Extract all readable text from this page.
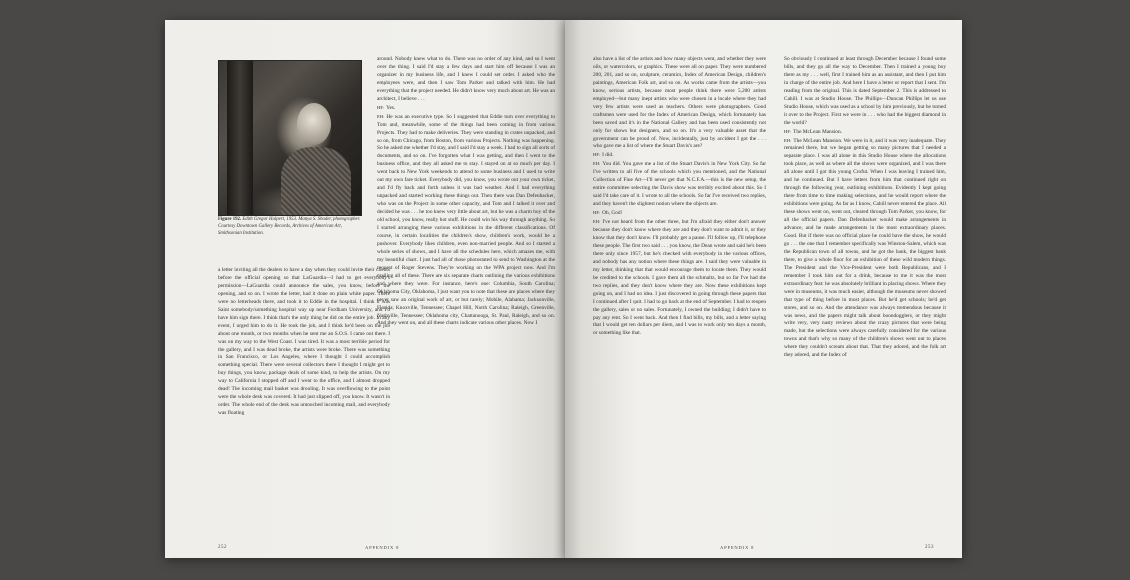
Figure 192. Edith Gregor Halpert, 1953. Manya S. Shoder, photographer. Courtesy Downtown Gallery Records, Archives of American Art, Smithsonian Institution.

a letter inviting all the dealers to have a day when they could invite their clients before the official opening so that LaGuardia—I had to get everybody's permission—LaGuardia could announce the sales, you know, before the opening, and so on. I wrote the letter, had it done on plain white paper. There were no letterheads there, and took it to Eddie in the hospital. I think it was Saint somebody/something hospital way up near Fordham University, and I'd have him sign there. I think that's the only thing he did on the entire job. In any event, I urged him to do it. He took the job, and I think he'd been on the job about one month, or two months when he sent me an S.O.S. I came out there. I was on my way to the West Coast. I was tired. It was a most terrible period for the gallery, and I was dead broke, the artists were broke. There was something in San Francisco, or Los Angeles, where I thought I could accomplish something special. There were several collectors there I thought I might get to buy things, you know, package deals of some kind, to help the artists. On my way to California I stopped off and I went to the office, and I almost dropped dead! The incoming mail basket was drooling. It was overflowing to the point were the whole desk was covered. It had just slipped off, you know. It wasn't in order. The whole end of the desk was untouched incoming mail, and everybody was floating

around. Nobody knew what to do. There was no order of any kind, and so I went over the thing. I said I'd stay a few days and start him off because I was an organizer in my business life, and I knew I could set order. I asked who the employees were, and then I saw Tom Parker and talked with him. He had everything that the project needed. He didn't know very much about art. He was an architect, I believe . . .

HF: Yes.

EH: He was an executive type. So I suggested that Eddie turn over everything to Tom and, meanwhile, some of the things had been coming in from various Projects. They had to make deliveries. They were standing in crates unpacked, and so on, from Chicago, from Boston, from various Projects. Nothing was happening. So he asked me whether I'd stay, and I said I'd stay a week. I had to sign all sorts of documents, and so on. I've forgotten what I was getting, and then I went to the business office, and they all asked me to stay. I stayed on at so much per day. I went back to New York weekends to attend to some business and I used to write out my own fare ticket. Everybody did, you know, you wrote out your own ticket, and I'd fly back and forth unless it was bad weather. And I had everything unpacked and started working these things out. Then there was Dan Defenbacker, who was on the Project in some other capacity, and Tom and I talked it over and decided he was . . . he too knew very little about art, but he was a charm boy of the old school, you know, really hot stuff. He could win his way through anything. So I started arranging these various exhibitions in the different classifications. Of course, in certain localities the children's show, children's work, would be a pushover. Everybody likes children, even non-married people. And so I started a whole series of shows, and I have all the schedules here, which amazes me, with my beautiful chart. I just had all of those photostated to send to Washington at the request of Roger Stevens. They're working on the WPA project now. And I'm mailing all of these. There are six separate charts outlining the various exhibitions and where they were. For instance, here's one: Columbia, South Carolina; Oklahoma City, Oklahoma, I just want you to note that these are places where they never saw an original work of art, or but rarely; Mobile, Alabama; Jacksonville, Florida; Knoxville, Tennessee; Chapel Hill, North Carolina; Raleigh, Greenville, Nashville, Tennessee; Oklahoma city, Chattanooga, St. Paul, Raleigh, and so on. And they went on, and all these charts indicate various other places. Now I

252	APPENDIX 8

also have a list of the artists and how many objects went, and whether they were oils, or watercolors, or graphics. These were all on paper. They were numbered 200, 201, and so on, sculpture, ceramics, Index of American Design, children's paintings, American Folk art, and so on. As works came from the artists—you know, serious artists, because most people think there were 5,200 artists employed—but many inept artists who were chosen in a locale where they had very few artists were used as teachers. Others were photographers. Good craftsmen were used for the Index of American Design, which fortunately has been saved and it's in the National Gallery and has been used consistently not only for shows but designers, and so on. It's a very valuable asset that the government can be proud of. Now, incidentally, just by accident I got the . . . who gave me a list of where the Stuart Davis's are?

HF: I did.

EH: You did. You gave me a list of the Stuart Davis's in New York City. So far I've written to all five of the schools which you mentioned, and the National Collection of Fine Art—I'll never get that N.C.F.A.—this is the new setup, the entire committee selecting the Davis show was terribly excited about this. So I said I'd take care of it. I wrote to all the schools. So far I've received two replies, and they haven't the slightest notion where the objects are.

HF: Oh, God!

EH: I've not heard from the other three, but I'm afraid they either don't answer because they don't know where they are and they don't want to admit it, or they know that they don't know. I'll probably get a pause. I'll follow up, I'll telephone these people. The first two said . . . you know, the Dean wrote and said he's been there only since 1957, but he's checked with everybody in the various offices, and nobody has any notion where these things are. I said they were valuable in my letter, thinking that that would encourage them to locate them. They would be credited to the schools. I gave them all the schmaltz, but so far I've had the two replies, and they don't know where they are. Now these exhibitions kept going on, and I had no idea. I just discovered in going through these papers that I continued after I quit. I had to go back at the end of September. I had to reopen the gallery, sales or no sales. Fortunately, I owned the building; I didn't have to pay any rent. So I went back. And then I find bills, my bills, and a letter saying that I would get ten dollars per diem, and I was to work only ten days a month, or something like that.

So obviously I continued at least through December because I found some bills, and they go all the way to December. Then I trained a young boy there as my . . . well, first I trained him as an assistant, and then I put him in charge of the entire job. And here I have a letter or report that I sent. I'm reading from the original. This is dated September 2. This is addressed to Cahill. I was at Studio House. The Phillips—Duncan Phillips let us use Studio House, which was used as a school by him previously, but he turned it over to the Project. First we were in . . . who had the biggest diamond in the world?

HF: The McLean Mansion.

EH: The McLean Mansion. We were in it, and it was very inadequate. They remained there, but we began getting so many pictures that I needed a separate place. I was all alone in this Studio House where the allocations took place, as well as where all the shows were organized, and I was there all alone until I got this young Crofut. When I was leaving I trained him, and he continued. But I have letters from him that continued right on through the following year, outlining exhibitions. Evidently I kept going there from time to time making selections, and he would report where the exhibitions were going. As far as I know, Cahill never entered the place. All these shows went on, went out, cleared through Tom Parker, you know, for all the official papers. Dan Defenbacker would make arrangements in advance, and he made arrangements in the most extraordinary places. Good. But if there was no official place he could have the show, he would go . . . the one that I remember specifically was Winston-Salem, which was the Republican town of all towns, and he got the bank, the biggest bank there, to give a whole floor for an exhibition of these wild modern things. The President and the Vice-President were both Republicans, and I remember I took him out for a drink, because to me it was the most extraordinary feat: he was absolutely brilliant in placing shows. Where they were in museums, it was much easier, although the museums never showed that type of thing before in most places. But he'd get schools; he'd get stores, and so on. And the attendance was always tremendous because it was news, and the papers might talk about boondogglers, or they might write very, very nasty reviews about the crazy pictures that were being made, but the selections were always carefully considered for the various towns and that's why so many of the children's shows went out to places where they couldn't scream about that. That they adored, and the folk art they adored, and the Index of

APPENDIX 8	253
